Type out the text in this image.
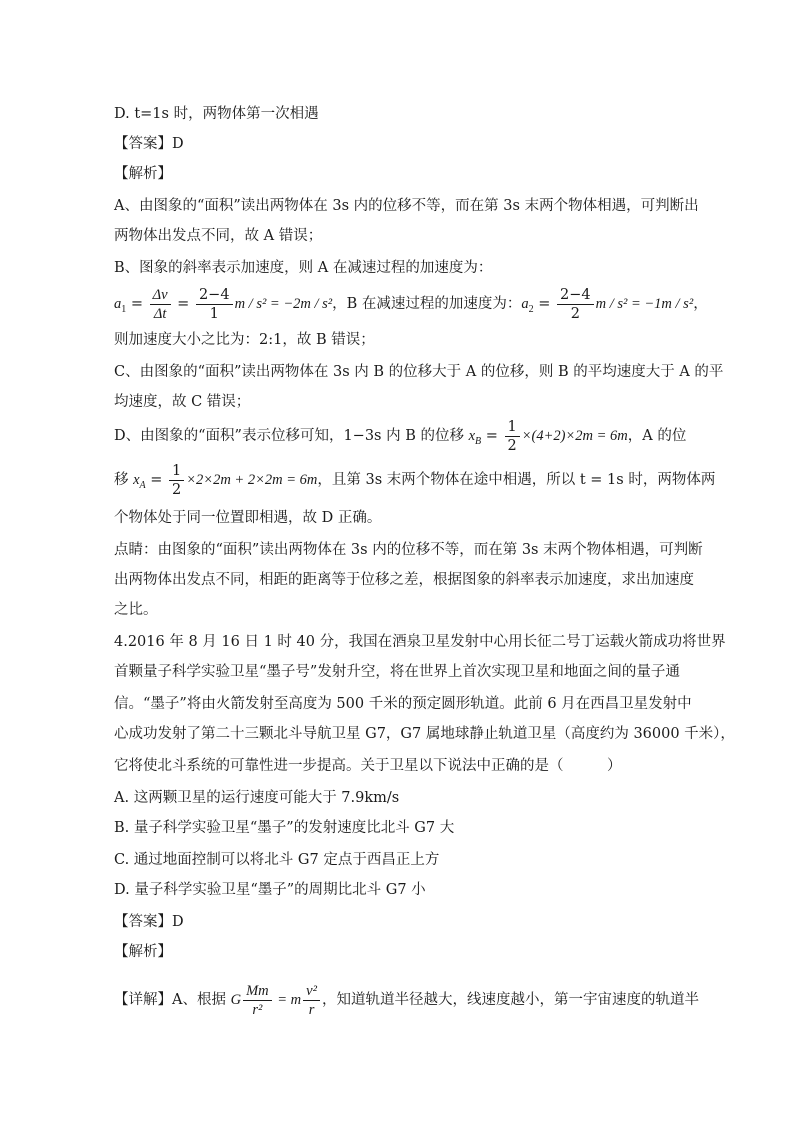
D. t=1s 时，两物体第一次相遇
【答案】D
【解析】
A、由图象的“面积”读出两物体在 3s 内的位移不等，而在第 3s 末两个物体相遇，可判断出
两物体出发点不同，故 A 错误；
B、图象的斜率表示加速度，则 A 在减速过程的加速度为：
$a_1 = \frac{\Delta v}{\Delta t} = \frac{2-4}{1}$ m / s² = −2m / s²，B 在减速过程的加速度为：$a_2 = \frac{2-4}{2}$ m / s² = −1m / s²，
则加速度大小之比为：2:1，故 B 错误；
C、由图象的“面积”读出两物体在 3s 内 B 的位移大于 A 的位移，则 B 的平均速度大于 A 的平
均速度，故 C 错误；
D、由图象的“面积”表示位移可知，1−3s 内 B 的位移 $x_B = \frac{1}{2} \times(4+2)\times 2m = 6m$，A 的位
移 $x_A = \frac{1}{2} \times 2\times 2m + 2\times 2m = 6m$，且第 3s 末两个物体在途中相遇，所以 t = 1s 时，两物体两
个物体处于同一位置即相遇，故 D 正确。
点睛：由图象的“面积”读出两物体在 3s 内的位移不等，而在第 3s 末两个物体相遇，可判断
出两物体出发点不同，相距的距离等于位移之差，根据图象的斜率表示加速度，求出加速度
之比。
4.2016 年 8 月 16 日 1 时 40 分，我国在酒泉卫星发射中心用长征二号丁运载火箭成功将世界
首颗量子科学实验卫星“墨子号”发射升空，将在世界上首次实现卫星和地面之间的量子通
信。“墨子”将由火箭发射至高度为 500 千米的预定圆形轨道。此前 6 月在西昌卫星发射中
心成功发射了第二十三颗北斗导航卫星 G7，G7 属地球静止轨道卫星（高度约为 36000 千米），
它将使北斗系统的可靠性进一步提高。关于卫星以下说法中正确的是（　　　）
A. 这两颗卫星的运行速度可能大于 7.9km/s
B. 量子科学实验卫星“墨子”的发射速度比北斗 G7 大
C. 通过地面控制可以将北斗 G7 定点于西昌正上方
D. 量子科学实验卫星“墨子”的周期比北斗 G7 小
【答案】D
【解析】
【详解】A、根据 G $\frac{Mm}{\text{r²}} = m \frac{\text{v²}}{r}$ ，知道轨道半径越大，线速度越小，第一宇宙速度的轨道半
